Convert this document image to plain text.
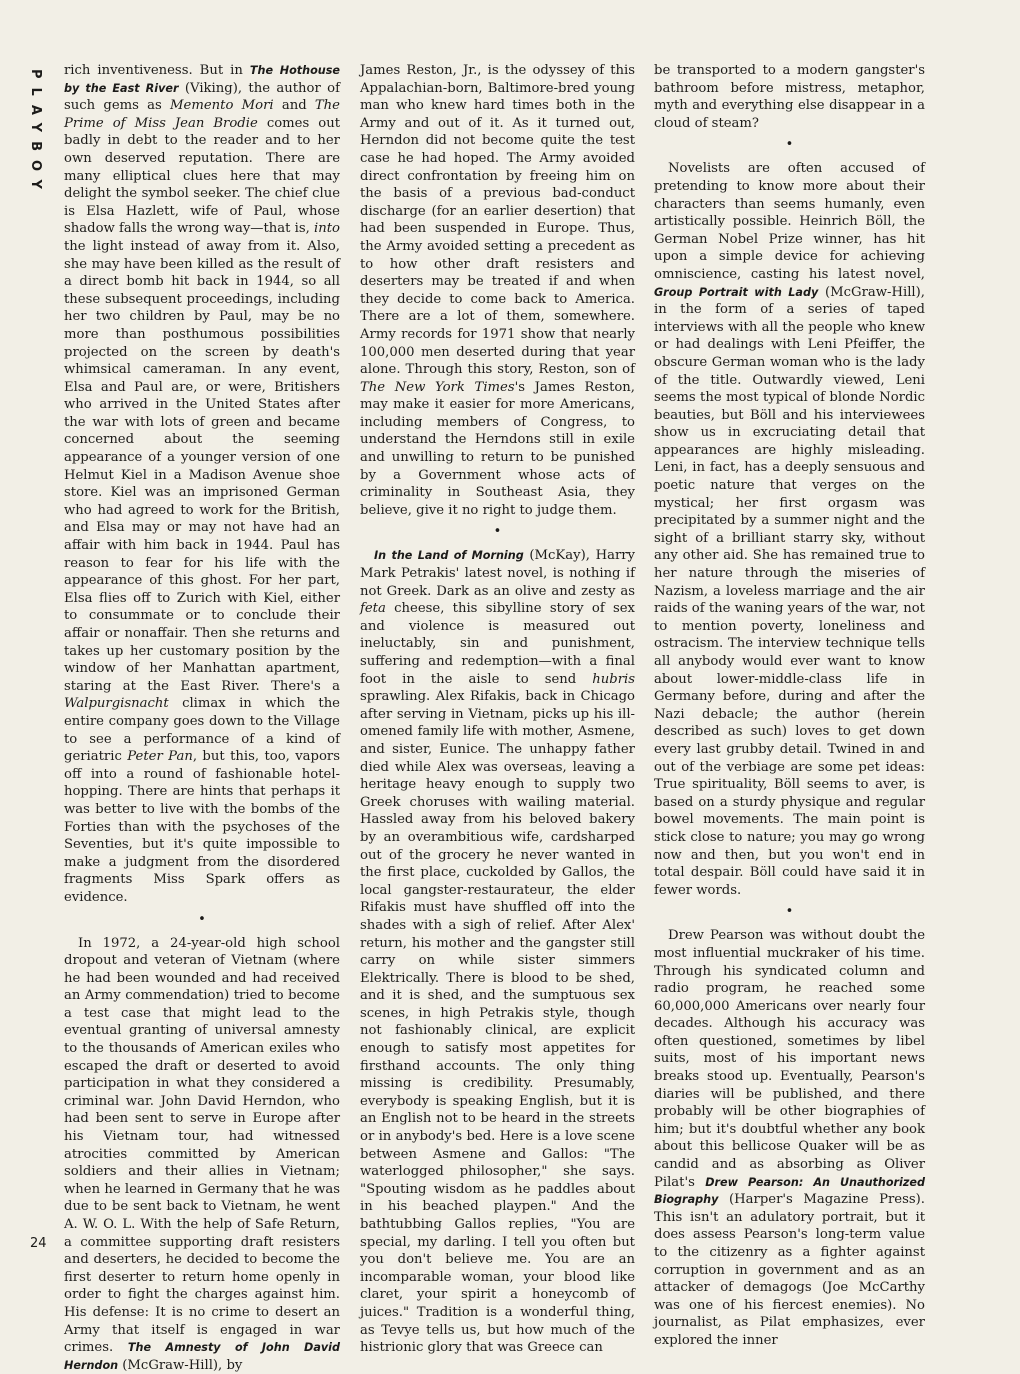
PLAYBOY
24

rich inventiveness. But in The Hothouse by the East River (Viking), the author of such gems as Memento Mori and The Prime of Miss Jean Brodie comes out badly in debt to the reader and to her own deserved reputation. There are many elliptical clues here that may delight the symbol seeker. The chief clue is Elsa Hazlett, wife of Paul, whose shadow falls the wrong way—that is, into the light instead of away from it. Also, she may have been killed as the result of a direct bomb hit back in 1944, so all these subsequent proceedings, including her two children by Paul, may be no more than posthumous possibilities projected on the screen by death's whimsical cameraman. In any event, Elsa and Paul are, or were, Britishers who arrived in the United States after the war with lots of green and became concerned about the seeming appearance of a younger version of one Helmut Kiel in a Madison Avenue shoe store. Kiel was an imprisoned German who had agreed to work for the British, and Elsa may or may not have had an affair with him back in 1944. Paul has reason to fear for his life with the appearance of this ghost. For her part, Elsa flies off to Zurich with Kiel, either to consummate or to conclude their affair or nonaffair. Then she returns and takes up her customary position by the window of her Manhattan apartment, staring at the East River. There's a Walpurgisnacht climax in which the entire company goes down to the Village to see a performance of a kind of geriatric Peter Pan, but this, too, vapors off into a round of fashionable hotel-hopping. There are hints that perhaps it was better to live with the bombs of the Forties than with the psychoses of the Seventies, but it's quite impossible to make a judgment from the disordered fragments Miss Spark offers as evidence.

•

In 1972, a 24-year-old high school dropout and veteran of Vietnam (where he had been wounded and had received an Army commendation) tried to become a test case that might lead to the eventual granting of universal amnesty to the thousands of American exiles who escaped the draft or deserted to avoid participation in what they considered a criminal war. John David Herndon, who had been sent to serve in Europe after his Vietnam tour, had witnessed atrocities committed by American soldiers and their allies in Vietnam; when he learned in Germany that he was due to be sent back to Vietnam, he went A. W. O. L. With the help of Safe Return, a committee supporting draft resisters and deserters, he decided to become the first deserter to return home openly in order to fight the charges against him. His defense: It is no crime to desert an Army that itself is engaged in war crimes. The Amnesty of John David Herndon (McGraw-Hill), by

James Reston, Jr., is the odyssey of this Appalachian-born, Baltimore-bred young man who knew hard times both in the Army and out of it. As it turned out, Herndon did not become quite the test case he had hoped. The Army avoided direct confrontation by freeing him on the basis of a previous bad-conduct discharge (for an earlier desertion) that had been suspended in Europe. Thus, the Army avoided setting a precedent as to how other draft resisters and deserters may be treated if and when they decide to come back to America. There are a lot of them, somewhere. Army records for 1971 show that nearly 100,000 men deserted during that year alone. Through this story, Reston, son of The New York Times's James Reston, may make it easier for more Americans, including members of Congress, to understand the Herndons still in exile and unwilling to return to be punished by a Government whose acts of criminality in Southeast Asia, they believe, give it no right to judge them.

•

In the Land of Morning (McKay), Harry Mark Petrakis' latest novel, is nothing if not Greek. Dark as an olive and zesty as feta cheese, this sibylline story of sex and violence is measured out ineluctably, sin and punishment, suffering and redemption—with a final foot in the aisle to send hubris sprawling. Alex Rifakis, back in Chicago after serving in Vietnam, picks up his ill-omened family life with mother, Asmene, and sister, Eunice. The unhappy father died while Alex was overseas, leaving a heritage heavy enough to supply two Greek choruses with wailing material. Hassled away from his beloved bakery by an overambitious wife, cardsharped out of the grocery he never wanted in the first place, cuckolded by Gallos, the local gangster-restaurateur, the elder Rifakis must have shuffled off into the shades with a sigh of relief. After Alex' return, his mother and the gangster still carry on while sister simmers Elektrically. There is blood to be shed, and it is shed, and the sumptuous sex scenes, in high Petrakis style, though not fashionably clinical, are explicit enough to satisfy most appetites for firsthand accounts. The only thing missing is credibility. Presumably, everybody is speaking English, but it is an English not to be heard in the streets or in anybody's bed. Here is a love scene between Asmene and Gallos: "The waterlogged philosopher," she says. "Spouting wisdom as he paddles about in his beached playpen." And the bathtubbing Gallos replies, "You are special, my darling. I tell you often but you don't believe me. You are an incomparable woman, your blood like claret, your spirit a honeycomb of juices." Tradition is a wonderful thing, as Tevye tells us, but how much of the histrionic glory that was Greece can

be transported to a modern gangster's bathroom before mistress, metaphor, myth and everything else disappear in a cloud of steam?

•

Novelists are often accused of pretending to know more about their characters than seems humanly, even artistically possible. Heinrich Böll, the German Nobel Prize winner, has hit upon a simple device for achieving omniscience, casting his latest novel, Group Portrait with Lady (McGraw-Hill), in the form of a series of taped interviews with all the people who knew or had dealings with Leni Pfeiffer, the obscure German woman who is the lady of the title. Outwardly viewed, Leni seems the most typical of blonde Nordic beauties, but Böll and his interviewees show us in excruciating detail that appearances are highly misleading. Leni, in fact, has a deeply sensuous and poetic nature that verges on the mystical; her first orgasm was precipitated by a summer night and the sight of a brilliant starry sky, without any other aid. She has remained true to her nature through the miseries of Nazism, a loveless marriage and the air raids of the waning years of the war, not to mention poverty, loneliness and ostracism. The interview technique tells all anybody would ever want to know about lower-middle-class life in Germany before, during and after the Nazi debacle; the author (herein described as such) loves to get down every last grubby detail. Twined in and out of the verbiage are some pet ideas: True spirituality, Böll seems to aver, is based on a sturdy physique and regular bowel movements. The main point is stick close to nature; you may go wrong now and then, but you won't end in total despair. Böll could have said it in fewer words.

•

Drew Pearson was without doubt the most influential muckraker of his time. Through his syndicated column and radio program, he reached some 60,000,000 Americans over nearly four decades. Although his accuracy was often questioned, sometimes by libel suits, most of his important news breaks stood up. Eventually, Pearson's diaries will be published, and there probably will be other biographies of him; but it's doubtful whether any book about this bellicose Quaker will be as candid and as absorbing as Oliver Pilat's Drew Pearson: An Unauthorized Biography (Harper's Magazine Press). This isn't an adulatory portrait, but it does assess Pearson's long-term value to the citizenry as a fighter against corruption in government and as an attacker of demagogs (Joe McCarthy was one of his fiercest enemies). No journalist, as Pilat emphasizes, ever explored the inner
